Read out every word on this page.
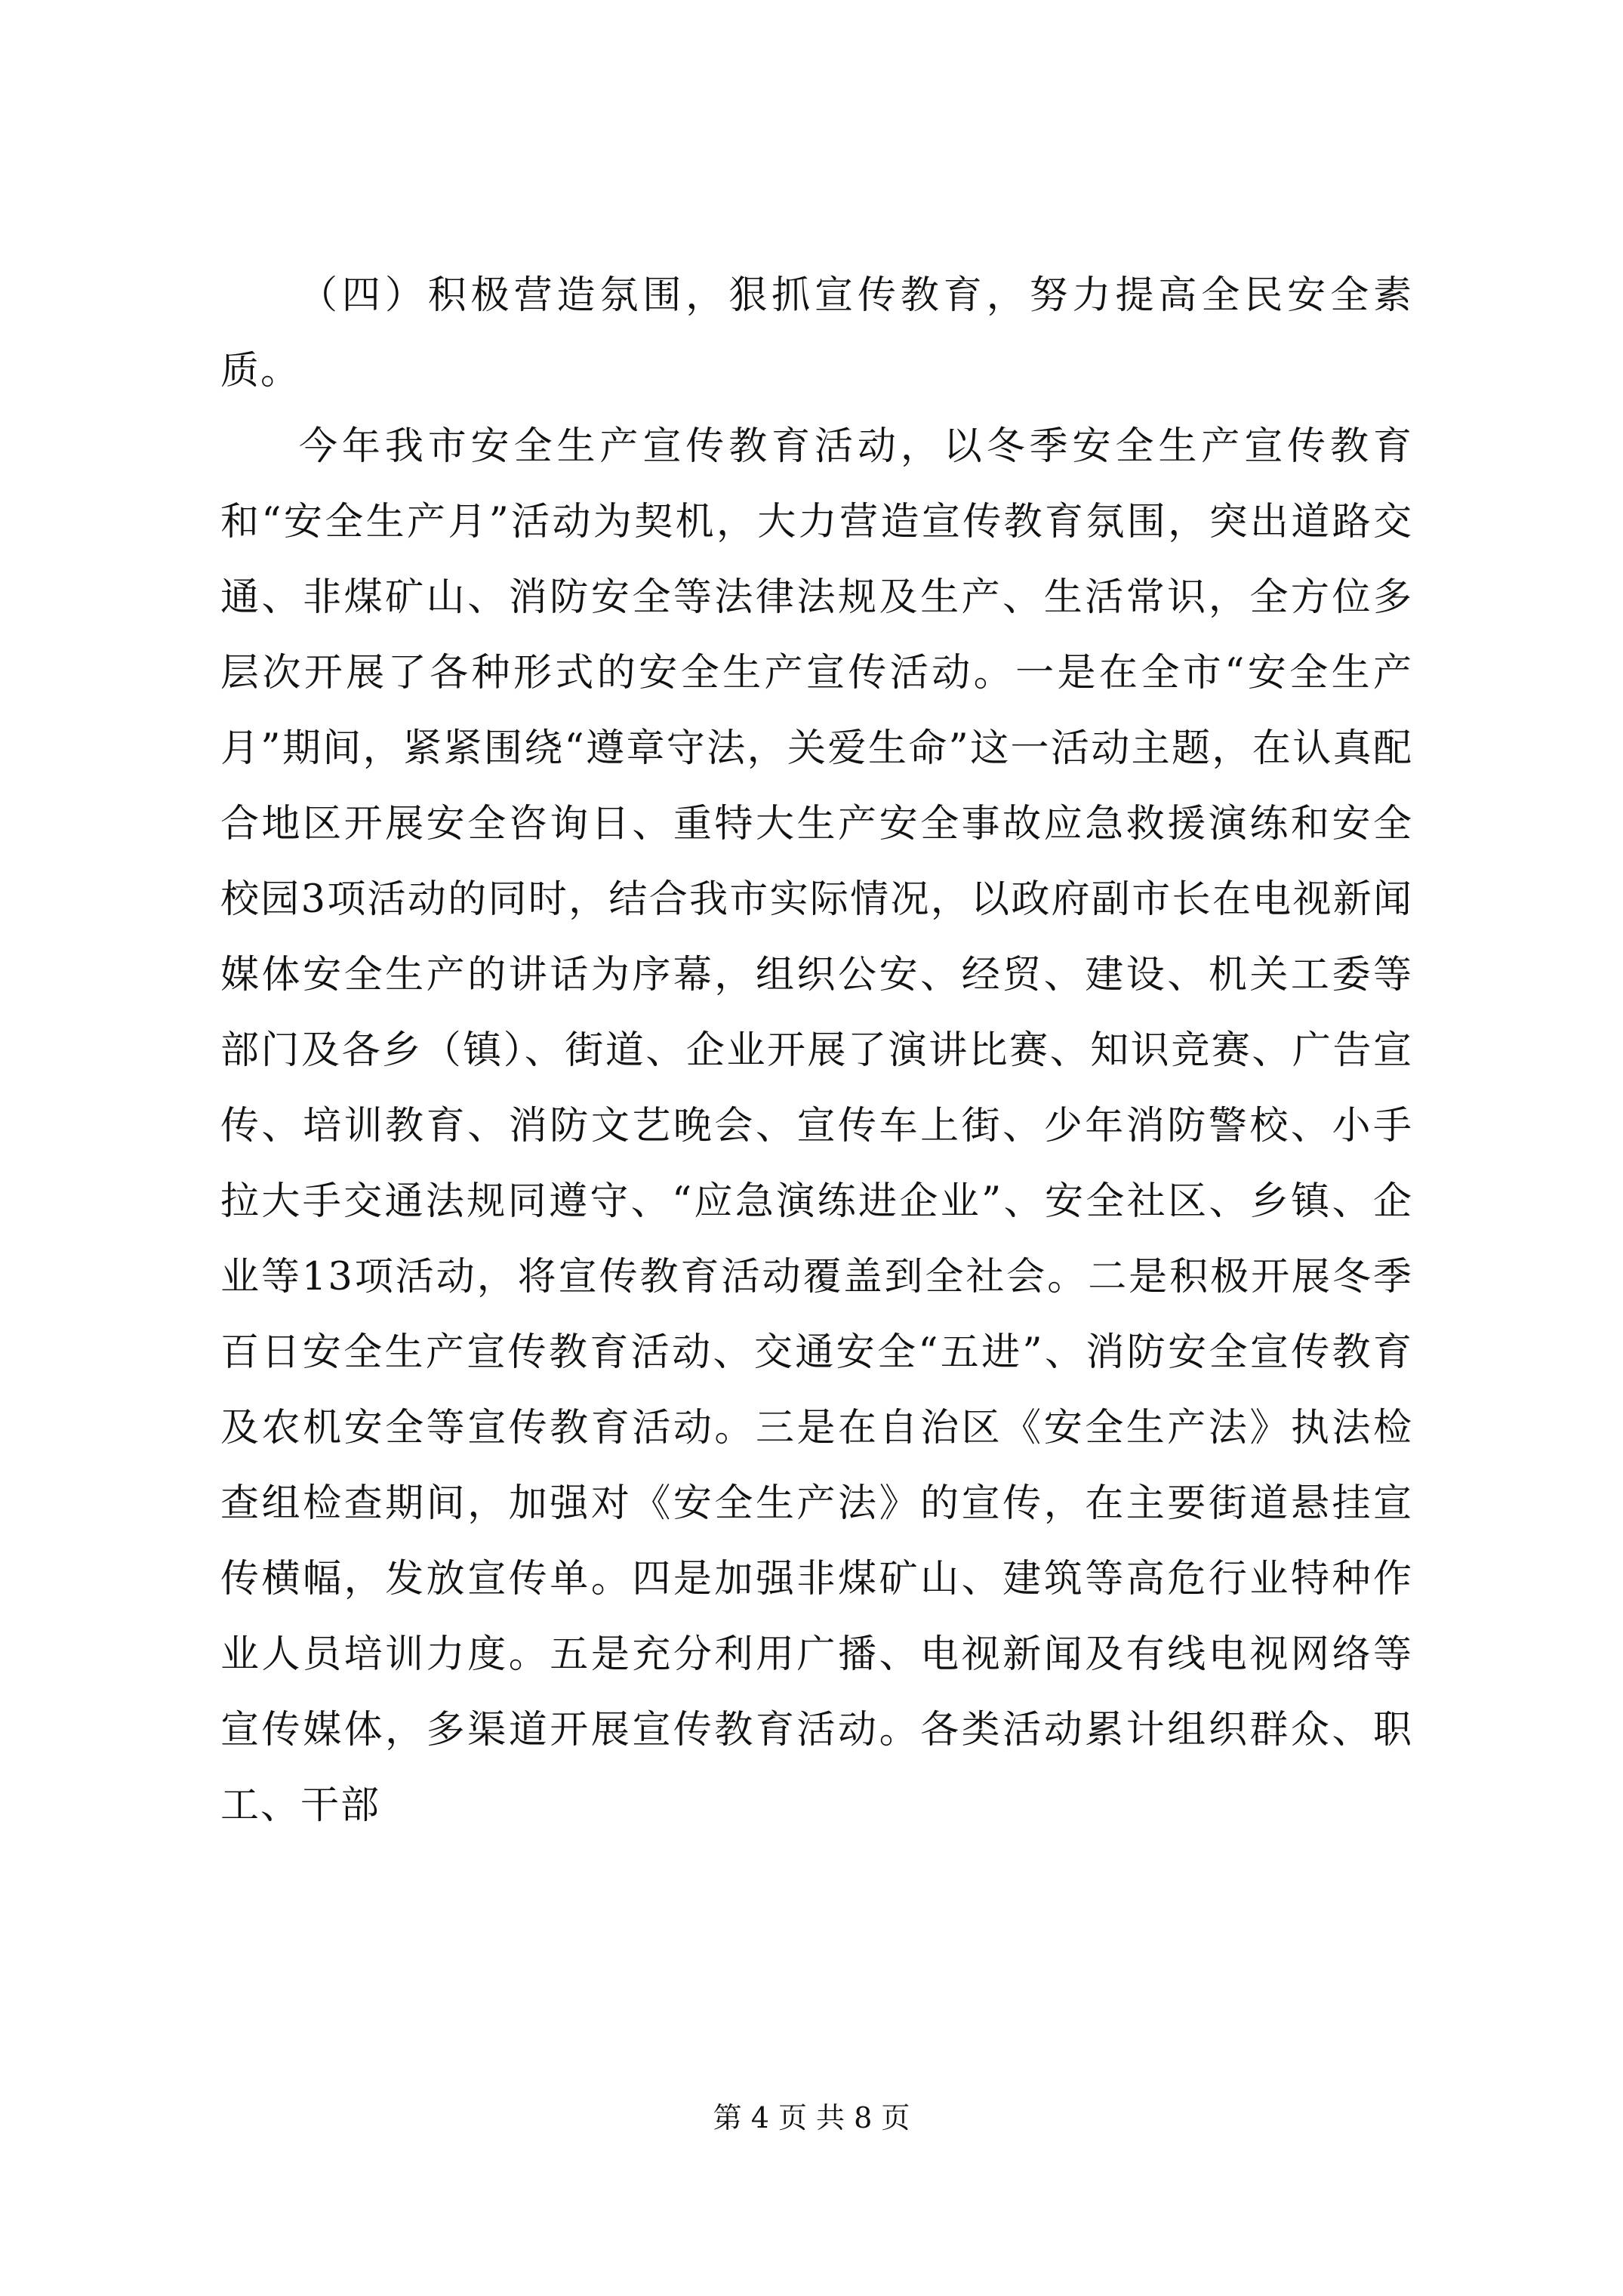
（四）积极营造氛围，狠抓宣传教育，努力提高全民安全素质。

今年我市安全生产宣传教育活动，以冬季安全生产宣传教育和“安全生产月”活动为契机，大力营造宣传教育氛围，突出道路交通、非煤矿山、消防安全等法律法规及生产、生活常识，全方位多层次开展了各种形式的安全生产宣传活动。一是在全市“安全生产月”期间，紧紧围绕“遵章守法，关爱生命”这一活动主题，在认真配合地区开展安全咨询日、重特大生产安全事故应急救援演练和安全校园3项活动的同时，结合我市实际情况，以政府副市长在电视新闻媒体安全生产的讲话为序幕，组织公安、经贸、建设、机关工委等部门及各乡（镇）、街道、企业开展了演讲比赛、知识竞赛、广告宣传、培训教育、消防文艺晚会、宣传车上街、少年消防警校、小手拉大手交通法规同遵守、“应急演练进企业”、安全社区、乡镇、企业等13项活动，将宣传教育活动覆盖到全社会。二是积极开展冬季百日安全生产宣传教育活动、交通安全“五进”、消防安全宣传教育及农机安全等宣传教育活动。三是在自治区《安全生产法》执法检查组检查期间，加强对《安全生产法》的宣传，在主要街道悬挂宣传横幅，发放宣传单。四是加强非煤矿山、建筑等高危行业特种作业人员培训力度。五是充分利用广播、电视新闻及有线电视网络等宣传媒体，多渠道开展宣传教育活动。各类活动累计组织群众、职工、干部

第 4 页 共 8 页
